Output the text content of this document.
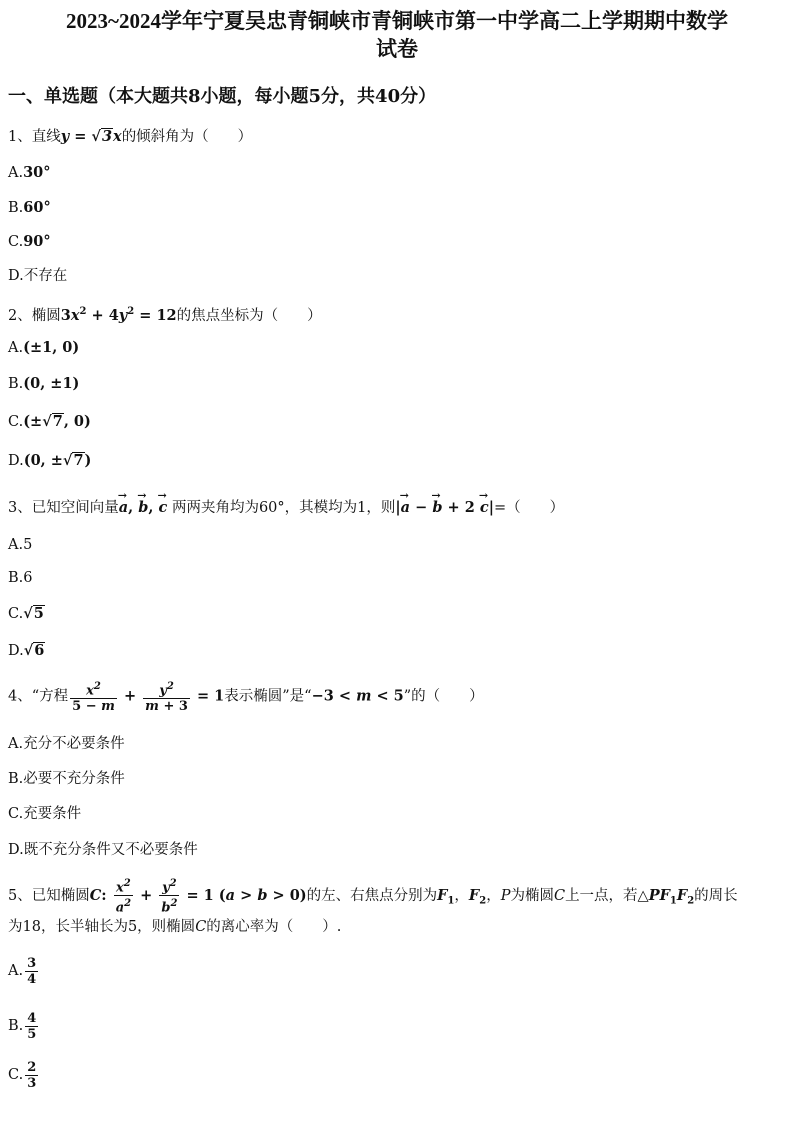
2023~2024学年宁夏吴忠青铜峡市青铜峡市第一中学高二上学期期中数学
试卷
一、单选题（本大题共8小题，每小题5分，共40分）
1、直线y = √3x的倾斜角为（　　）
A.30°
B.60°
C.90°
D.不存在
2、椭圆$3x^2 + 4y^2 = 12$的焦点坐标为（　　）
A.(±1, 0)
B.(0, ±1)
C.(±√7, 0)
D.(0, ±√7)
3、已知空间向量→ a, → b, → c 两两夹角均为60°，其模均为1，则|→ a − → b + 2 → c|=（　　）
A.5
B.6
C.√5
D.√6
4、“方程 $\frac{x^2}{5 - m} + \frac{y^2}{m + 3} = 1$表示椭圆”是“−3 < m < 5”的（　　）
A.充分不必要条件
B.必要不充分条件
C.充要条件
D.既不充分条件又不必要条件
5、已知椭圆C: $\frac{x^2}{a^2} + \frac{y^2}{b^2} = 1$ (a > b > 0)的左、右焦点分别为$F_1$，$F_2$，P为椭圆C上一点，若$\triangle PF_1F_2$的周长
为18，长半轴长为5，则椭圆C的离心率为（　　）.
A. $\frac{3}{4}$
B. $\frac{4}{5}$
C. $\frac{2}{3}$
